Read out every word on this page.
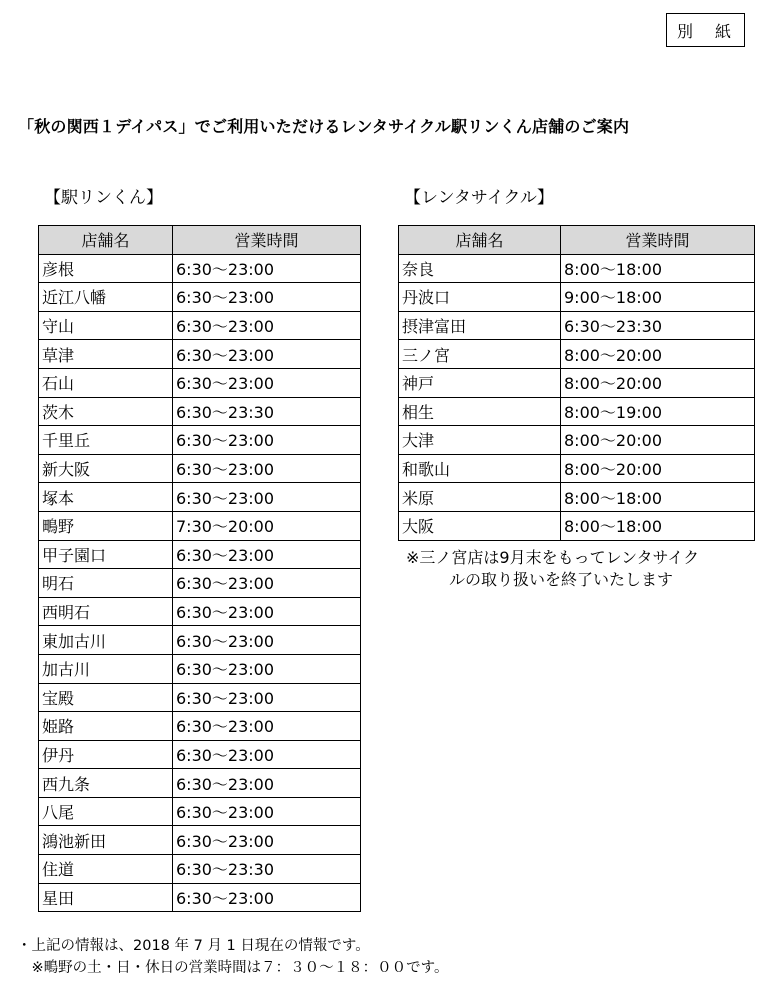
別　紙
「秋の関西１デイパス」でご利用いただけるレンタサイクル駅リンくん店舗のご案内
【駅リンくん】	【レンタサイクル】
店舗名	営業時間
彦根	6:30～23:00
近江八幡	6:30～23:00
守山	6:30～23:00
草津	6:30～23:00
石山	6:30～23:00
茨木	6:30～23:30
千里丘	6:30～23:00
新大阪	6:30～23:00
塚本	6:30～23:00
鴫野	7:30～20:00
甲子園口	6:30～23:00
明石	6:30～23:00
西明石	6:30～23:00
東加古川	6:30～23:00
加古川	6:30～23:00
宝殿	6:30～23:00
姫路	6:30～23:00
伊丹	6:30～23:00
西九条	6:30～23:00
八尾	6:30～23:00
鴻池新田	6:30～23:00
住道	6:30～23:30
星田	6:30～23:00
店舗名	営業時間
奈良	8:00～18:00
丹波口	9:00～18:00
摂津富田	6:30～23:30
三ノ宮	8:00～20:00
神戸	8:00～20:00
相生	8:00～19:00
大津	8:00～20:00
和歌山	8:00～20:00
米原	8:00～18:00
大阪	8:00～18:00
※三ノ宮店は9月末をもってレンタサイク
ルの取り扱いを終了いたします
・上記の情報は、2018 年 7 月 1 日現在の情報です。
　※鴫野の土・日・休日の営業時間は７：３０～１８：００です。
